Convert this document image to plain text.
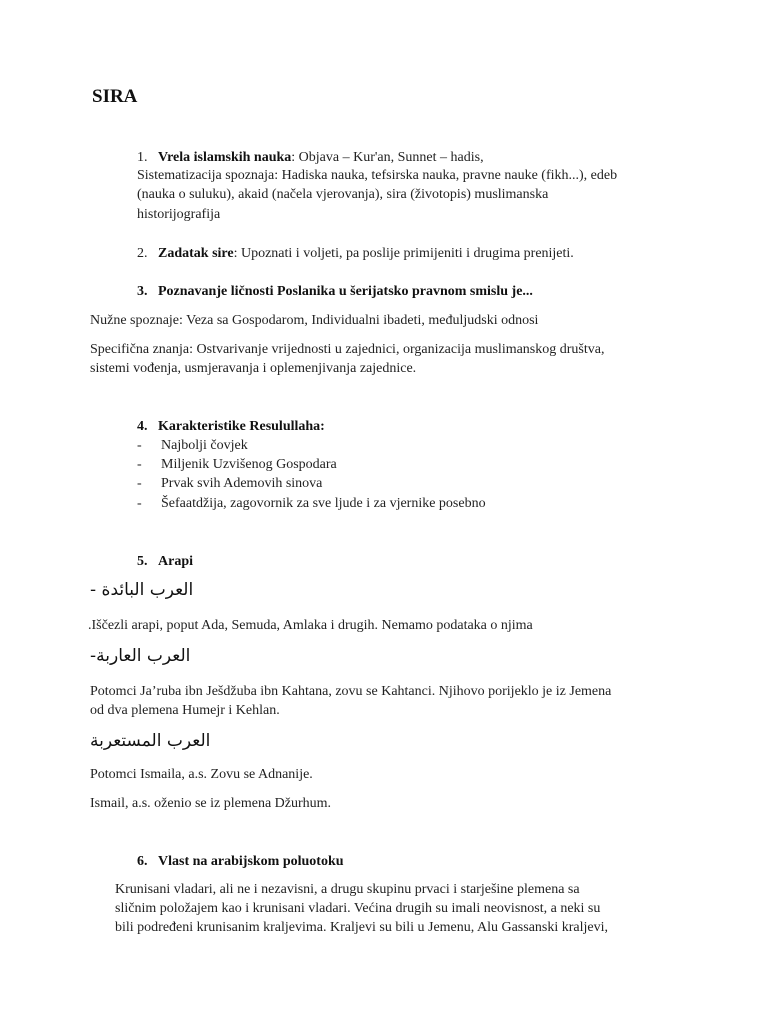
SIRA
1. Vrela islamskih nauka: Objava – Kur'an, Sunnet – hadis,
Sistematizacija spoznaja: Hadiska nauka, tefsirska nauka, pravne nauke (fikh...), edeb
(nauka o suluku), akaid (načela vjerovanja), sira (životopis) muslimanska
historijografija
2. Zadatak sire: Upoznati i voljeti, pa poslije primijeniti i drugima prenijeti.
3. Poznavanje ličnosti Poslanika u šerijatsko pravnom smislu je...
Nužne spoznaje: Veza sa Gospodarom, Individualni ibadeti, međuljudski odnosi
Specifična znanja: Ostvarivanje vrijednosti u zajednici, organizacija muslimanskog društva,
sistemi vođenja, usmjeravanja i oplemenjivanja zajednice.
4. Karakteristike Resulullaha:
- Najbolji čovjek
- Miljenik Uzvišenog Gospodara
- Prvak svih Ademovih sinova
- Šefaatdžija, zagovornik za sve ljude i za vjernike posebno
5. Arapi
العرب البائدة -
.Iščezli arapi, poput Ada, Semuda, Amlaka i drugih. Nemamo podataka o njima
العرب العاربة-
Potomci Ja’ruba ibn Ješdžuba ibn Kahtana, zovu se Kahtanci. Njihovo porijeklo je iz Jemena
od dva plemena Humejr i Kehlan.
العرب المستعربة
Potomci Ismaila, a.s. Zovu se Adnanije.
Ismail, a.s. oženio se iz plemena Džurhum.
6. Vlast na arabijskom poluotoku
Krunisani vladari, ali ne i nezavisni, a drugu skupinu prvaci i starješine plemena sa
sličnim položajem kao i krunisani vladari. Većina drugih su imali neovisnost, a neki su
bili podređeni krunisanim kraljevima. Kraljevi su bili u Jemenu, Alu Gassanski kraljevi,
